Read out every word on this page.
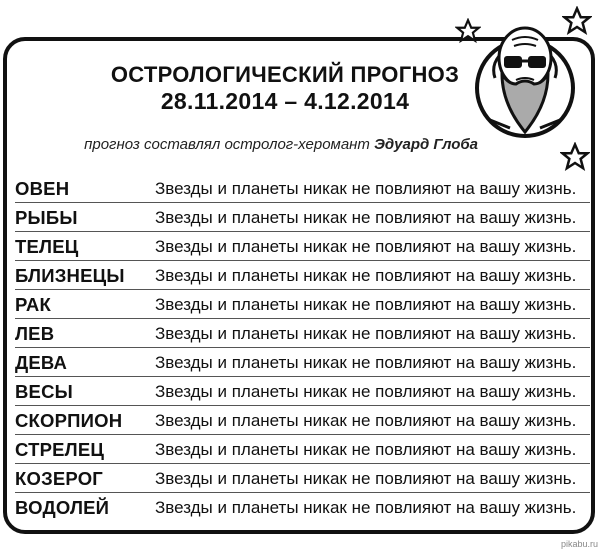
ОСТРОЛОГИЧЕСКИЙ ПРОГНОЗ
28.11.2014 – 4.12.2014
прогноз составлял остролог-херомант Эдуард Глоба
ОВЕН	Звезды и планеты никак не повлияют на вашу жизнь.
РЫБЫ	Звезды и планеты никак не повлияют на вашу жизнь.
ТЕЛЕЦ	Звезды и планеты никак не повлияют на вашу жизнь.
БЛИЗНЕЦЫ	Звезды и планеты никак не повлияют на вашу жизнь.
РАК	Звезды и планеты никак не повлияют на вашу жизнь.
ЛЕВ	Звезды и планеты никак не повлияют на вашу жизнь.
ДЕВА	Звезды и планеты никак не повлияют на вашу жизнь.
ВЕСЫ	Звезды и планеты никак не повлияют на вашу жизнь.
СКОРПИОН	Звезды и планеты никак не повлияют на вашу жизнь.
СТРЕЛЕЦ	Звезды и планеты никак не повлияют на вашу жизнь.
КОЗЕРОГ	Звезды и планеты никак не повлияют на вашу жизнь.
ВОДОЛЕЙ	Звезды и планеты никак не повлияют на вашу жизнь.
pikabu.ru
